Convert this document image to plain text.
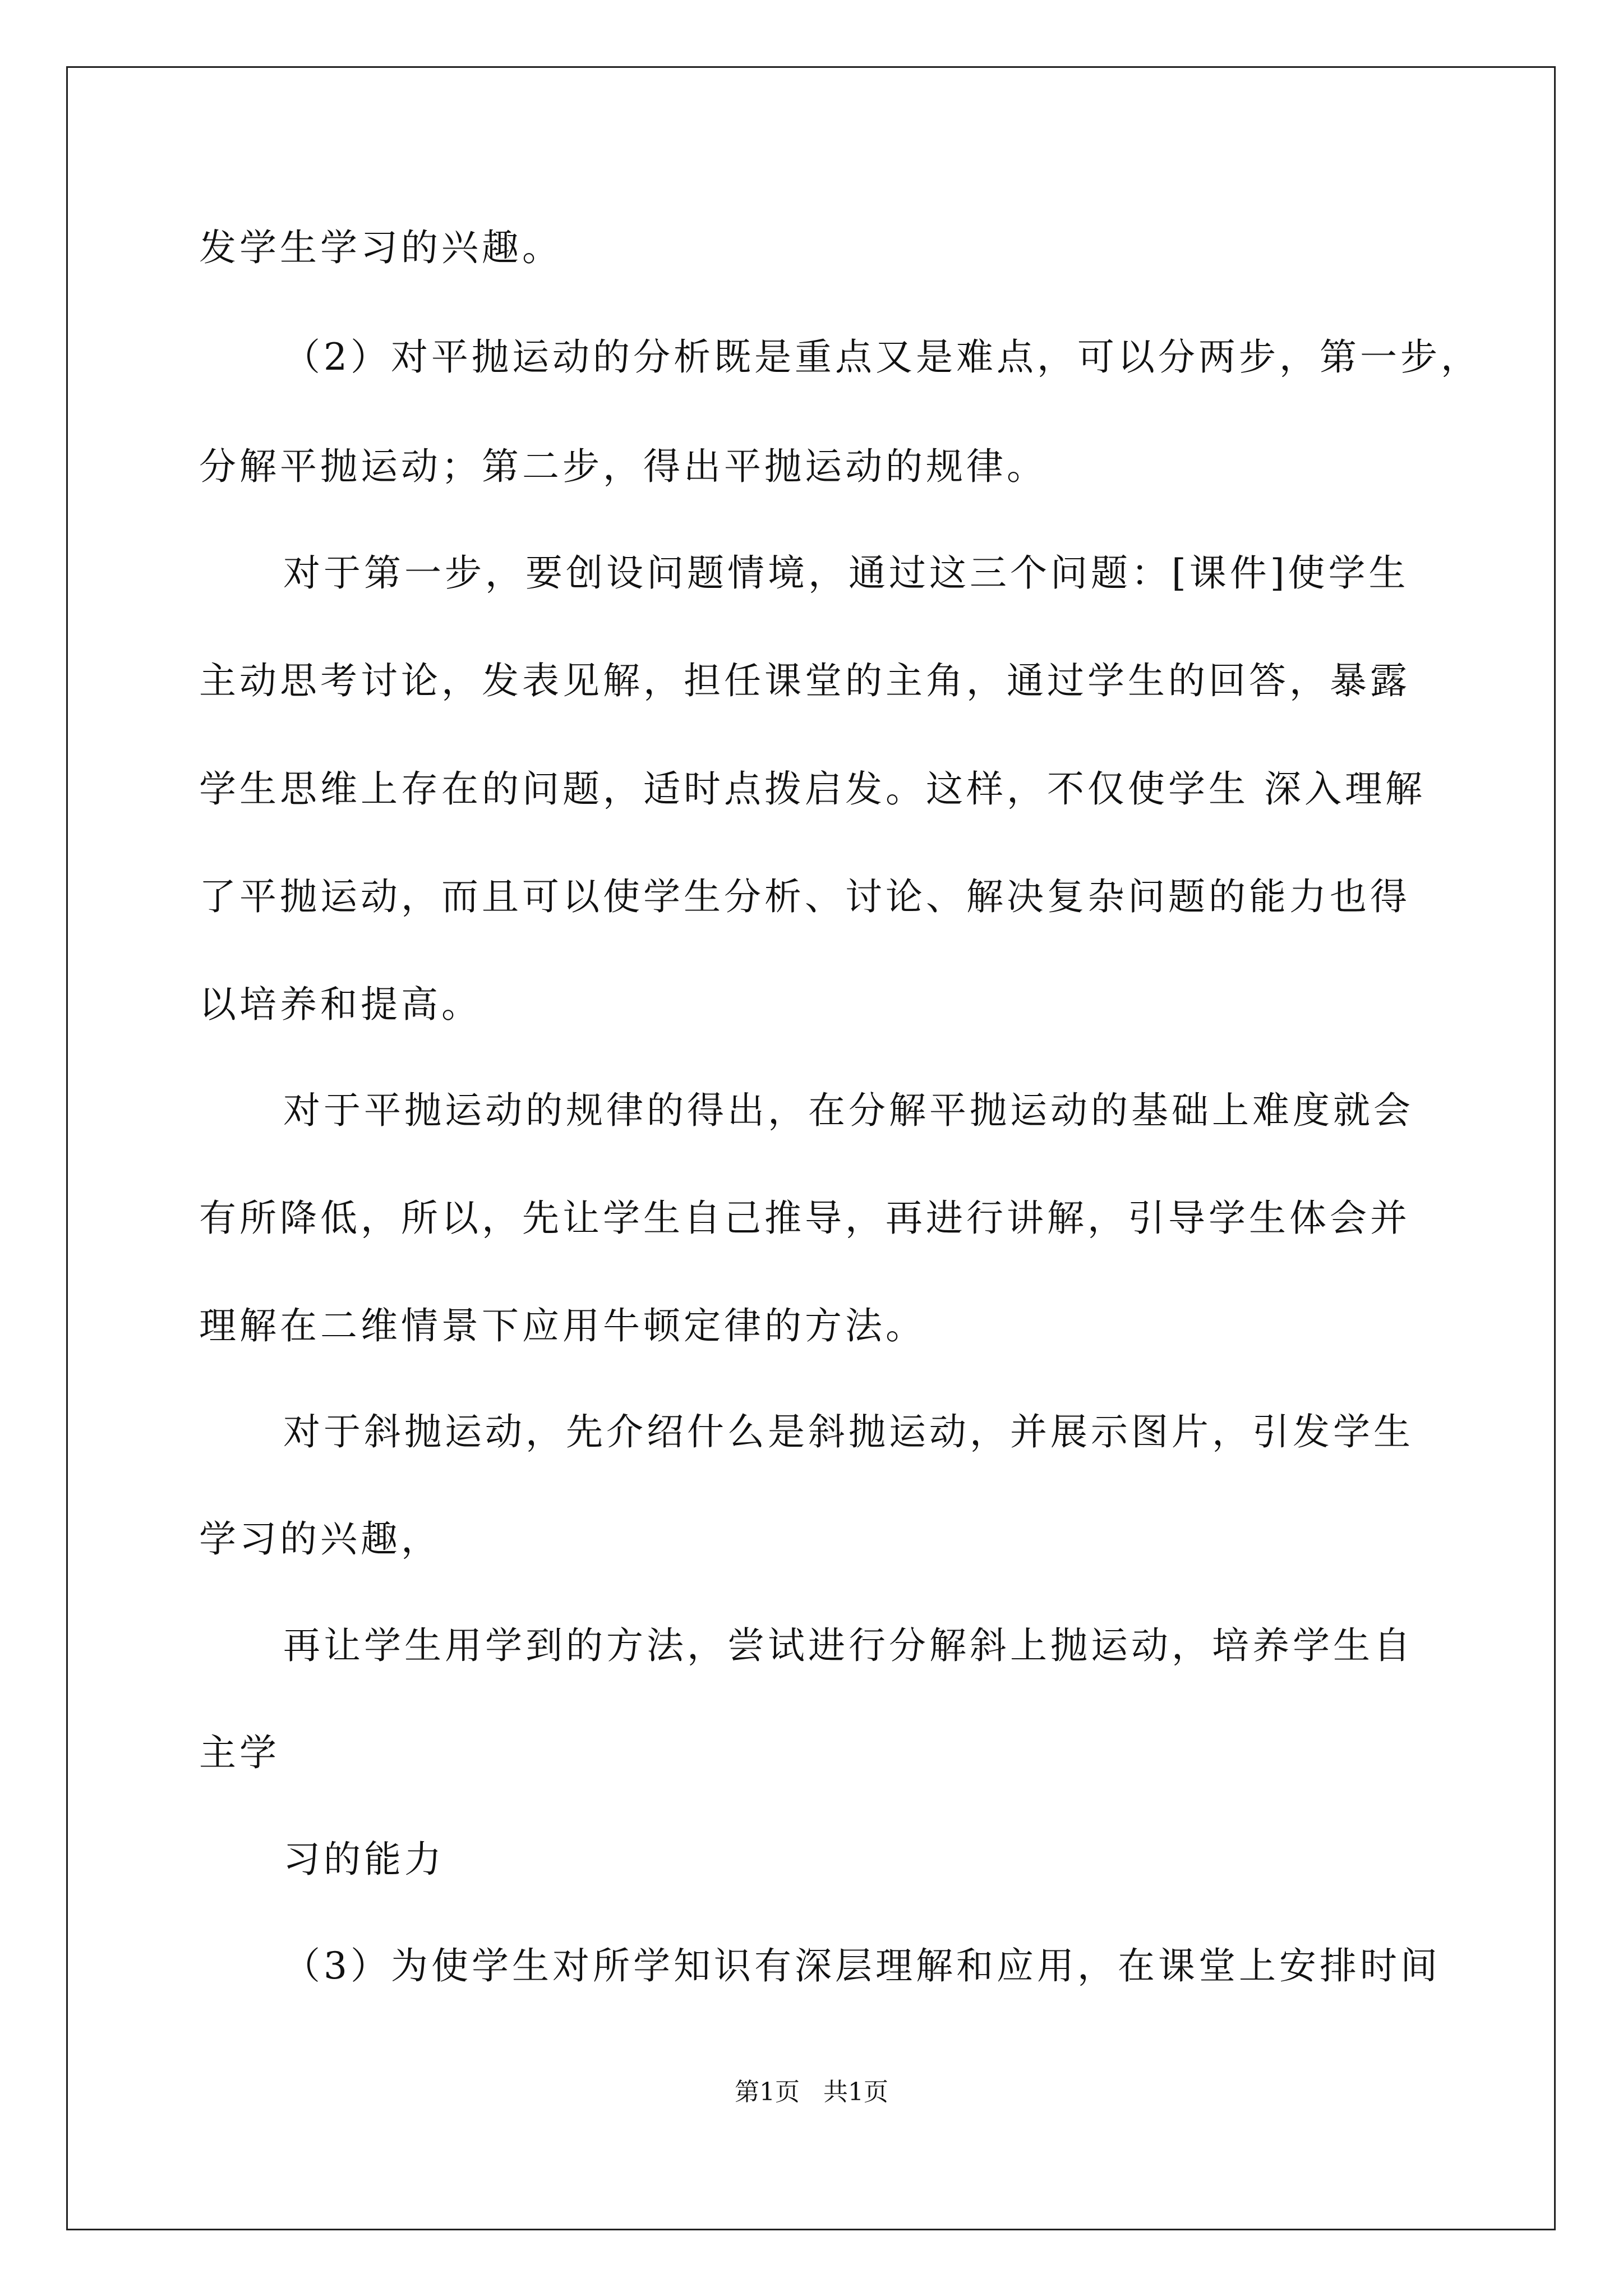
发学生学习的兴趣。
（2）对平抛运动的分析既是重点又是难点，可以分两步，第一步，
分解平抛运动；第二步，得出平抛运动的规律。
对于第一步，要创设问题情境，通过这三个问题：[课件]使学生
主动思考讨论，发表见解，担任课堂的主角，通过学生的回答，暴露
学生思维上存在的问题，适时点拨启发。这样，不仅使学生 深入理解
了平抛运动，而且可以使学生分析、讨论、解决复杂问题的能力也得
以培养和提高。
对于平抛运动的规律的得出，在分解平抛运动的基础上难度就会
有所降低，所以，先让学生自己推导，再进行讲解，引导学生体会并
理解在二维情景下应用牛顿定律的方法。
对于斜抛运动，先介绍什么是斜抛运动，并展示图片，引发学生
学习的兴趣，
再让学生用学到的方法，尝试进行分解斜上抛运动，培养学生自
主学
习的能力
（3）为使学生对所学知识有深层理解和应用，在课堂上安排时间
第1页 共1页
